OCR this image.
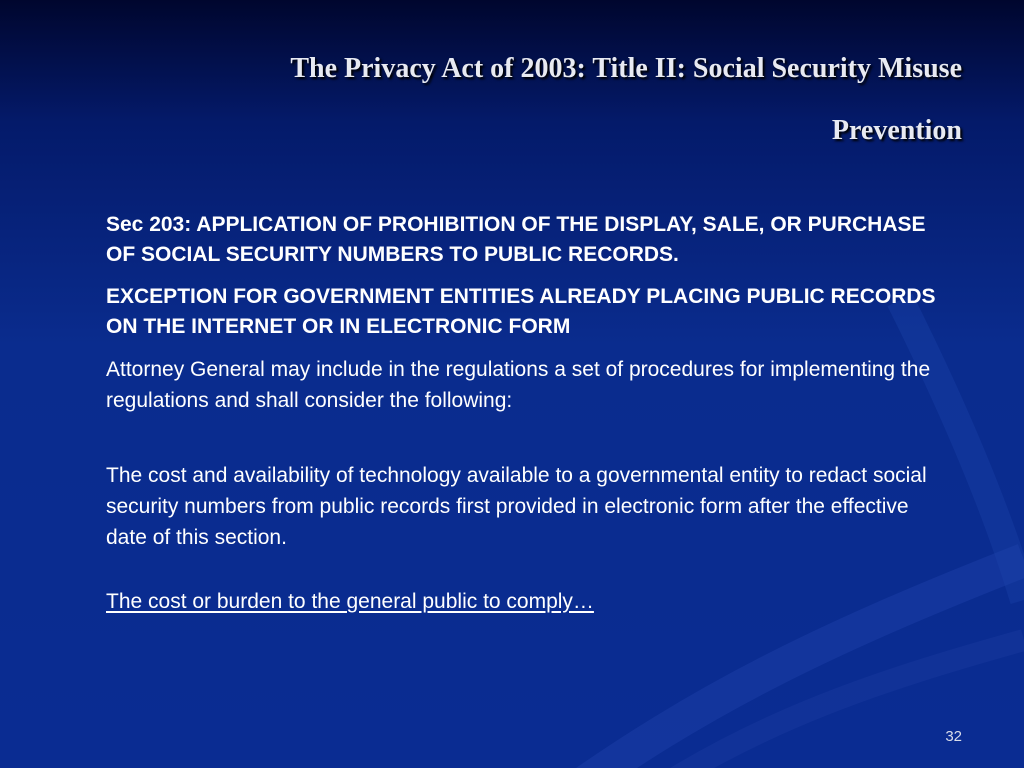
The Privacy Act of 2003: Title II: Social Security Misuse
Prevention

Sec 203: APPLICATION OF PROHIBITION OF THE DISPLAY, SALE, OR PURCHASE OF SOCIAL SECURITY NUMBERS TO PUBLIC RECORDS.

EXCEPTION FOR GOVERNMENT ENTITIES ALREADY PLACING PUBLIC RECORDS ON THE INTERNET OR IN ELECTRONIC FORM

Attorney General may include in the regulations a set of procedures for implementing the regulations and shall consider the following:

The cost and availability of technology available to a governmental entity to redact social security numbers from public records first provided in electronic form after the effective date of this section.

The cost or burden to the general public to comply…

32
